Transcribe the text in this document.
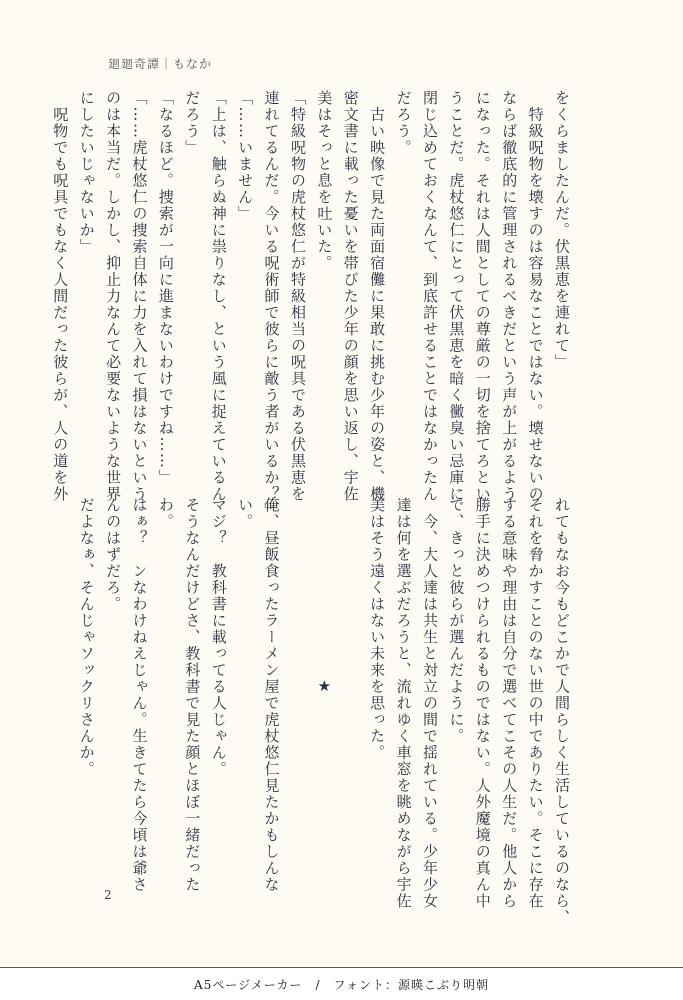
廻廻奇譚｜もなか
をくらましたんだ。伏黒恵を連れて」
　特級呪物を壊すのは容易なことではない。壊せないの
ならば徹底的に管理されるべきだという声が上がるよう
になった。それは人間としての尊厳の一切を捨てろとい
うことだ。虎杖悠仁にとって伏黒恵を暗く黴臭い忌庫に
閉じ込めておくなんて、到底許せることではなかったん
だろう。
　古い映像で見た両面宿儺に果敢に挑む少年の姿と、機
密文書に載った憂いを帯びた少年の顔を思い返し、宇佐
美はそっと息を吐いた。
「特級呪物の虎杖悠仁が特級相当の呪具である伏黒恵を
連れてるんだ。今いる呪術師で彼らに敵う者がいるか？」
「……いません」
「上は、触らぬ神に祟りなし、という風に捉えているん
だろう」
「なるほど。捜索が一向に進まないわけですね……」
「……虎杖悠仁の捜索自体に力を入れて損はないという
のは本当だ。しかし、抑止力なんて必要ないような世界
にしたいじゃないか」
　呪物でも呪具でもなく人間だった彼らが、人の道を外
れてもなお今もどこかで人間らしく生活しているのなら、
それを脅かすことのない世の中でありたい。そこに存在
する意味や理由は自分で選べてこその人生だ。他人から
勝手に決めつけられるものではない。人外魔境の真ん中
で、きっと彼らが選んだように。
　今、大人達は共生と対立の間で揺れている。少年少女
達は何を選ぶだろうと、流れゆく車窓を眺めながら宇佐
美はそう遠くはない未来を思った。
★
俺、昼飯食ったラーメン屋で虎杖悠仁見たかもしんな
い。
マジ？　教科書に載ってる人じゃん。
そうなんだけどさ、教科書で見た顔とほぼ一緒だった
わ。
はぁ？　ンなわけねえじゃん。生きてたら今頃は爺さ
んのはずだろ。
だよなぁ、そんじゃソックリさんか。
2
A5ページメーカー　/　フォント：源暎こぶり明朝
